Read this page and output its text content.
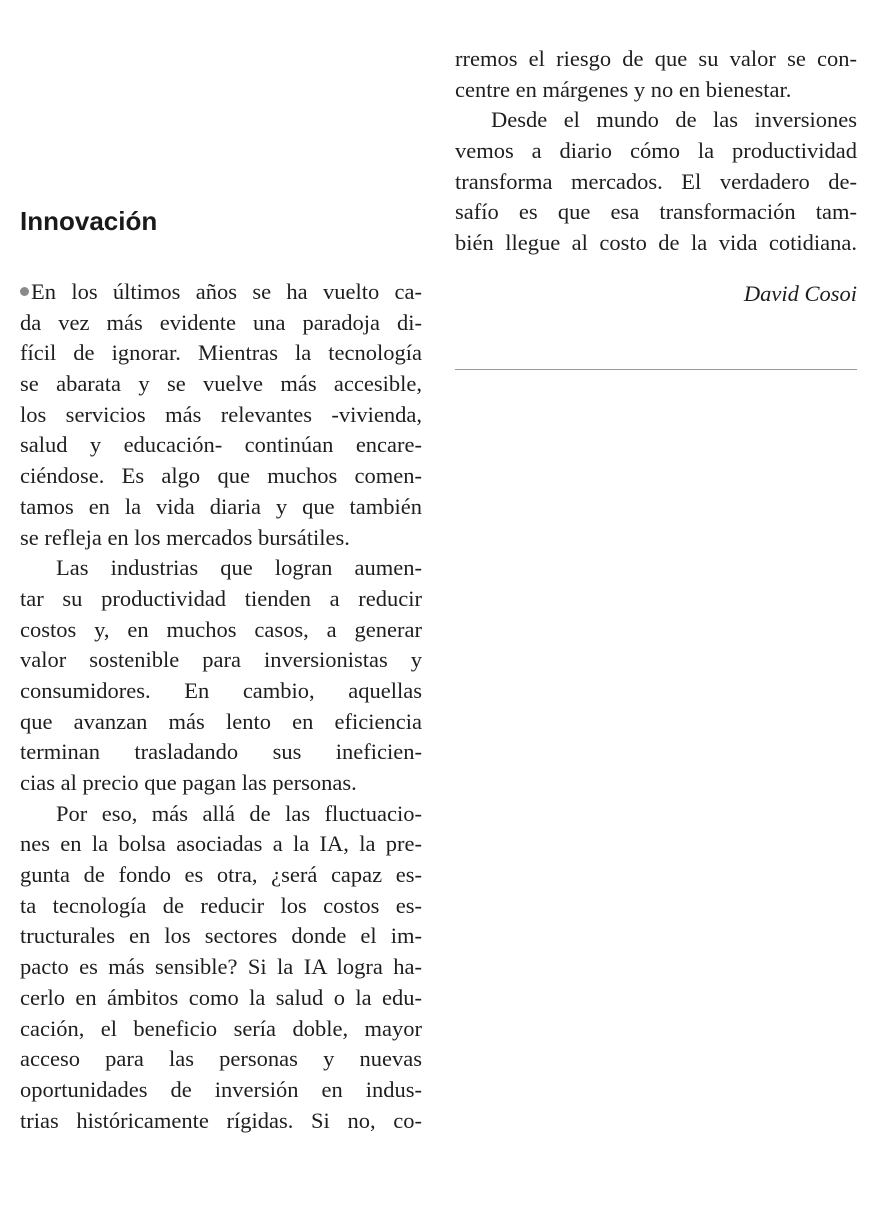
Innovación

En los últimos años se ha vuelto ca-
da vez más evidente una paradoja di-
fícil de ignorar. Mientras la tecnología
se abarata y se vuelve más accesible,
los servicios más relevantes -vivienda,
salud y educación- continúan encare-
ciéndose. Es algo que muchos comen-
tamos en la vida diaria y que también
se refleja en los mercados bursátiles.

Las industrias que logran aumen-
tar su productividad tienden a reducir
costos y, en muchos casos, a generar
valor sostenible para inversionistas y
consumidores. En cambio, aquellas
que avanzan más lento en eficiencia
terminan trasladando sus ineficien-
cias al precio que pagan las personas.

Por eso, más allá de las fluctuacio-
nes en la bolsa asociadas a la IA, la pre-
gunta de fondo es otra, ¿será capaz es-
ta tecnología de reducir los costos es-
tructurales en los sectores donde el im-
pacto es más sensible? Si la IA logra ha-
cerlo en ámbitos como la salud o la edu-
cación, el beneficio sería doble, mayor
acceso para las personas y nuevas
oportunidades de inversión en indus-
trias históricamente rígidas. Si no, co-

rremos el riesgo de que su valor se con-
centre en márgenes y no en bienestar.

Desde el mundo de las inversiones
vemos a diario cómo la productividad
transforma mercados. El verdadero de-
safío es que esa transformación tam-
bién llegue al costo de la vida cotidiana.

David Cosoi
